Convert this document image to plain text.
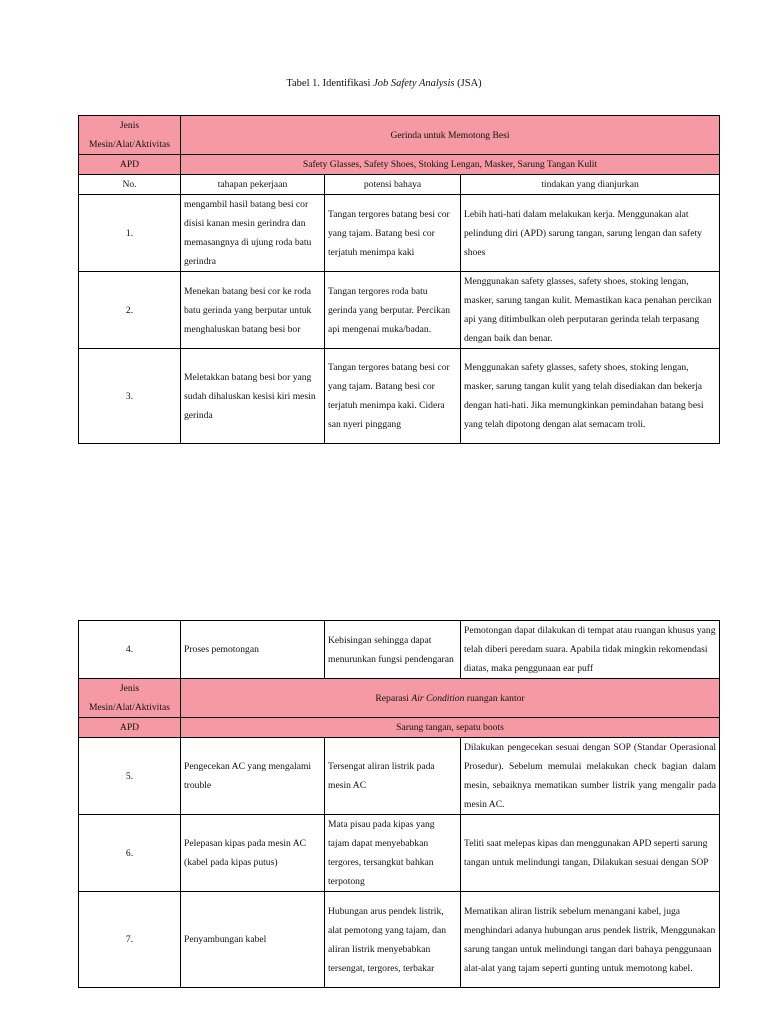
Tabel 1. Identifikasi Job Safety Analysis (JSA)
Jenis Mesin/Alat/Aktivitas	Gerinda untuk Memotong Besi		
APD	Safety Glasses, Safety Shoes, Stoking Lengan, Masker, Sarung Tangan Kulit		
No.	tahapan pekerjaan	potensi bahaya	tindakan yang dianjurkan
1.	mengambil hasil batang besi cor disisi kanan mesin gerindra dan memasangnya di ujung roda batu gerindra	Tangan tergores batang besi cor yang tajam. Batang besi cor terjatuh menimpa kaki	Lebih hati-hati dalam melakukan kerja. Menggunakan alat pelindung diri (APD) sarung tangan, sarung lengan dan safety shoes
2.	Menekan batang besi cor ke roda batu gerinda yang berputar untuk menghaluskan batang besi bor	Tangan tergores roda batu gerinda yang berputar. Percikan api mengenai muka/badan.	Menggunakan safety glasses, safety shoes, stoking lengan, masker, sarung tangan kulit. Memastikan kaca penahan percikan api yang ditimbulkan oleh perputaran gerinda telah terpasang dengan baik dan benar.
3.	Meletakkan batang besi bor yang sudah dihaluskan kesisi kiri mesin gerinda	Tangan tergores batang besi cor yang tajam. Batang besi cor terjatuh menimpa kaki. Cidera san nyeri pinggang	Menggunakan safety glasses, safety shoes, stoking lengan, masker, sarung tangan kulit yang telah disediakan dan bekerja dengan hati-hati. Jika memungkinkan pemindahan batang besi yang telah dipotong dengan alat semacam troli.
4.	Proses pemotongan	Kebisingan sehingga dapat menurunkan fungsi pendengaran	Pemotongan dapat dilakukan di tempat atau ruangan khusus yang telah diberi peredam suara. Apabila tidak mingkin rekomendasi diatas, maka penggunaan ear puff
Jenis Mesin/Alat/Aktivitas	Reparasi Air Condition ruangan kantor		
APD	Sarung tangan, sepatu boots		
5.	Pengecekan AC yang mengalami trouble	Tersengat aliran listrik pada mesin AC	Dilakukan pengecekan sesuai dengan SOP (Standar Operasional Prosedur). Sebelum memulai melakukan check bagian dalam mesin, sebaiknya mematikan sumber listrik yang mengalir pada mesin AC.
6.	Pelepasan kipas pada mesin AC (kabel pada kipas putus)	Mata pisau pada kipas yang tajam dapat menyebabkan tergores, tersangkut bahkan terpotong	Teliti saat melepas kipas dan menggunakan APD seperti sarung tangan untuk melindungi tangan, Dilakukan sesuai dengan SOP
7.	Penyambungan kabel	Hubungan arus pendek listrik, alat pemotong yang tajam, dan aliran listrik menyebabkan tersengat, tergores, terbakar	Mematikan aliran listrik sebelum menangani kabel, juga menghindari adanya hubungan arus pendek listrik, Menggunakan sarung tangan untuk melindungi tangan dari bahaya penggunaan alat-alat yang tajam seperti gunting untuk memotong kabel.
